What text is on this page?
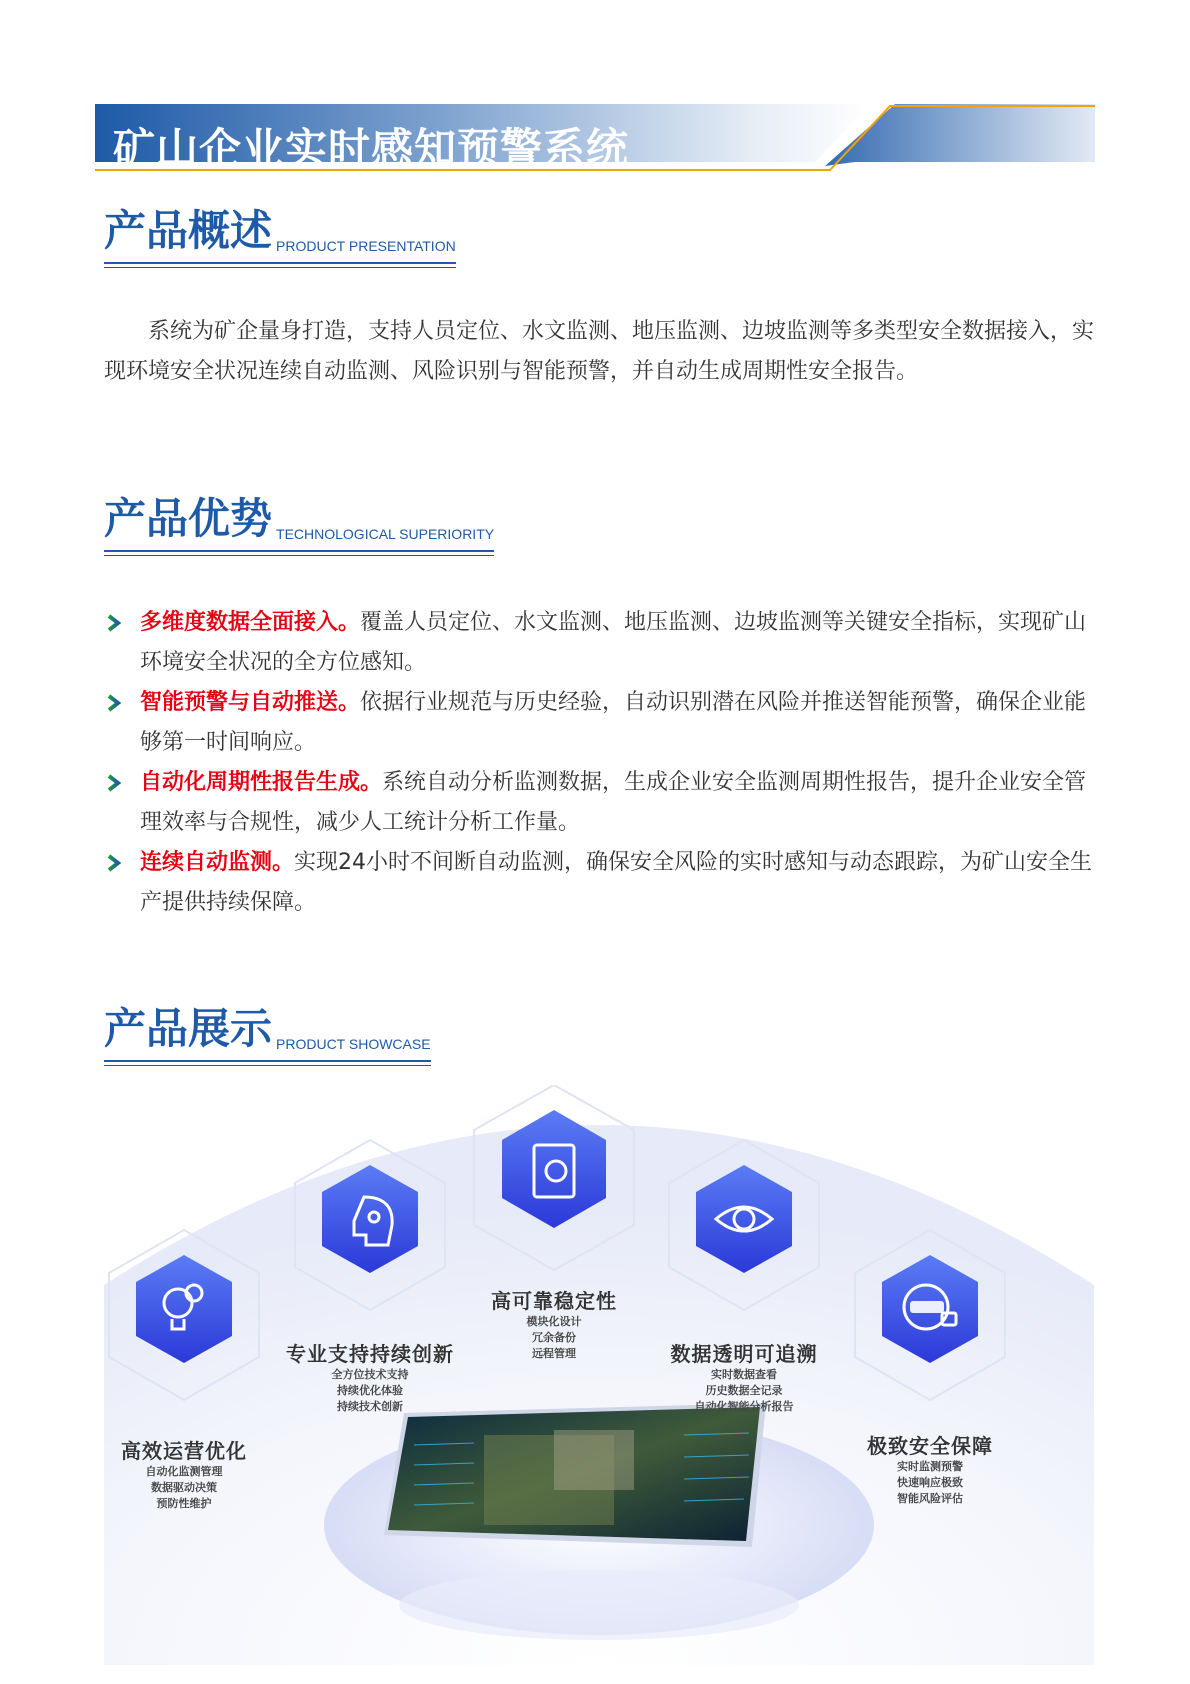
矿山企业实时感知预警系统
产品概述 PRODUCT PRESENTATION

系统为矿企量身打造，支持人员定位、水文监测、地压监测、边坡监测等多类型安全数据接入，实现环境安全状况连续自动监测、风险识别与智能预警，并自动生成周期性安全报告。

产品优势 TECHNOLOGICAL SUPERIORITY
多维度数据全面接入。覆盖人员定位、水文监测、地压监测、边坡监测等关键安全指标，实现矿山环境安全状况的全方位感知。
智能预警与自动推送。依据行业规范与历史经验，自动识别潜在风险并推送智能预警，确保企业能够第一时间响应。
自动化周期性报告生成。系统自动分析监测数据，生成企业安全监测周期性报告，提升企业安全管理效率与合规性，减少人工统计分析工作量。
连续自动监测。实现24小时不间断自动监测，确保安全风险的实时感知与动态跟踪，为矿山安全生产提供持续保障。
产品展示 PRODUCT SHOWCASE
高效运营优化
自动化监测管理
数据驱动决策
预防性维护
专业支持持续创新
全方位技术支持
持续优化体验
持续技术创新
高可靠稳定性
模块化设计
冗余备份
远程管理	数据透明可追溯
实时数据查看
历史数据全记录
自动化智能分析报告
极致安全保障
实时监测预警
快速响应极致
智能风险评估
